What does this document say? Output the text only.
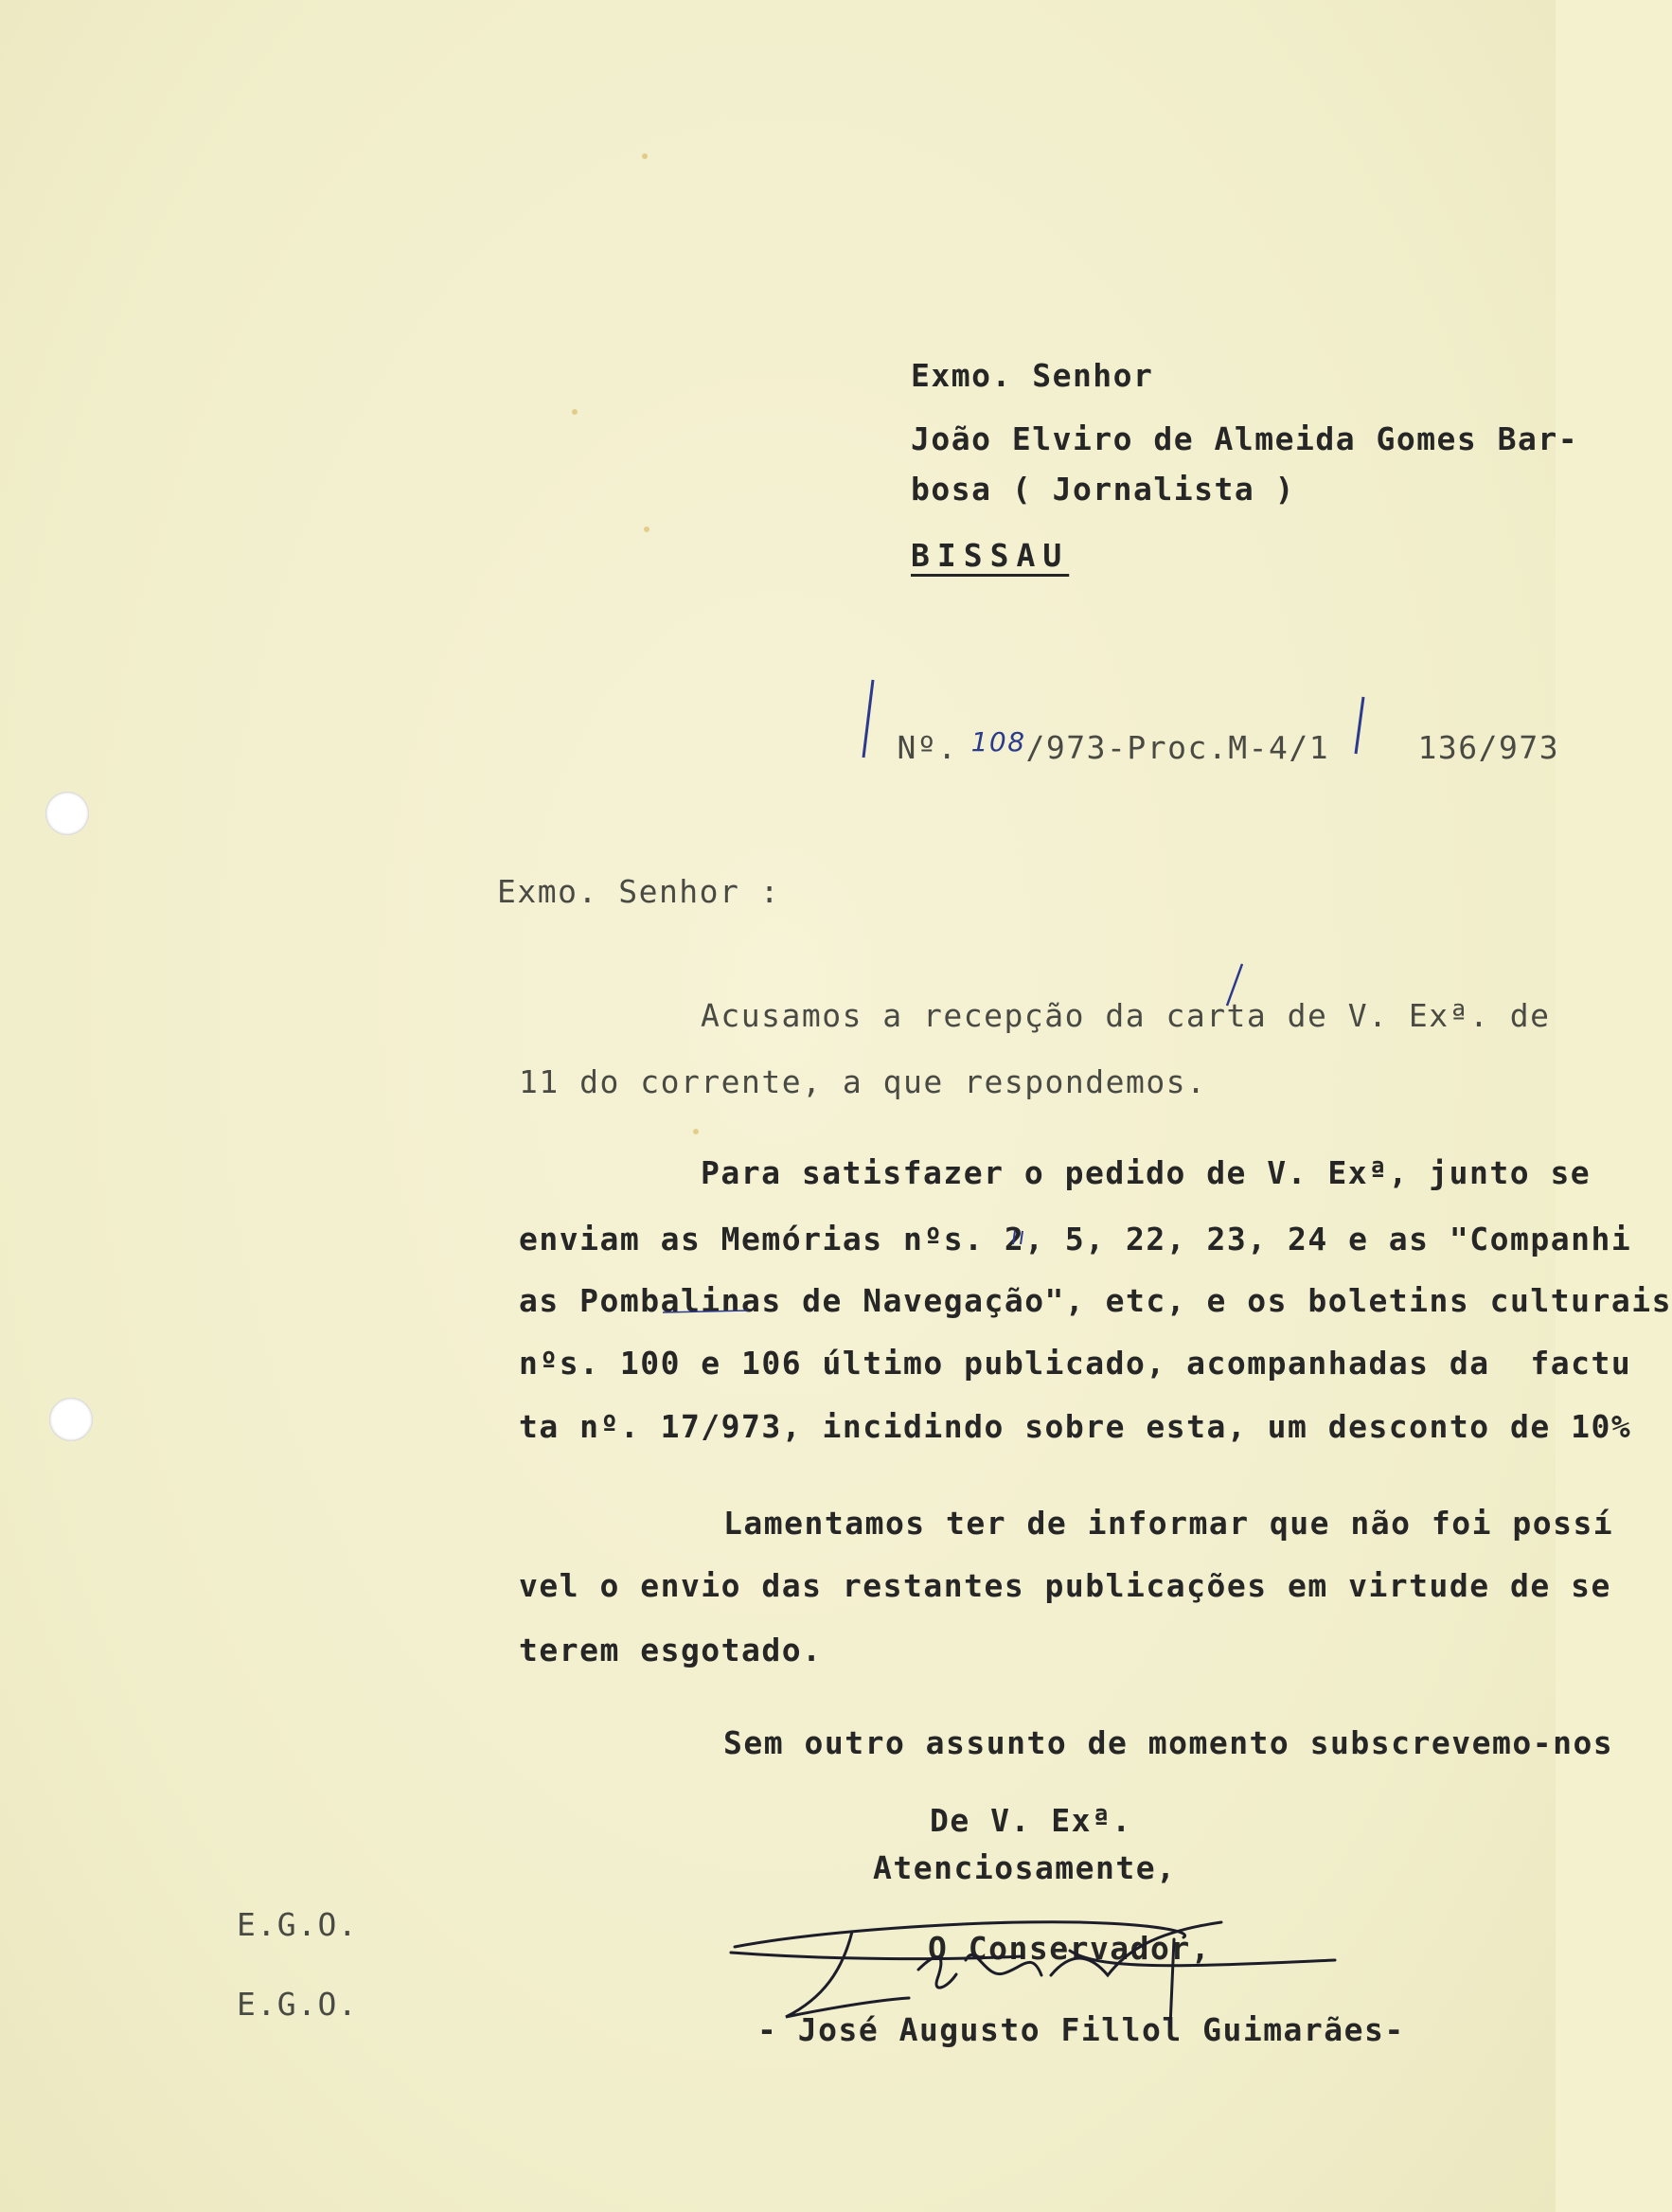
Exmo. Senhor
João Elviro de Almeida Gomes Bar-
bosa ( Jornalista )
BISSAU

Nº. $^{108}$/973-Proc.M-4/1
	136/973

Exmo. Senhor :
Acusamos a recepção da carta de V. Exª. de
11 do corrente, a que respondemos.
Para satisfazer o pedido de V. Exª, junto se
enviam as Memórias nºs. 2, 5, 22, 23, 24 e as "Companhi
as Pombalinas de Navegação", etc, e os boletins culturais
nºs. 100 e 106 último publicado, acompanhadas da  factu
ta nº. 17/973, incidindo sobre esta, um desconto de 10%
Lamentamos ter de informar que não foi possí
vel o envio das restantes publicações em virtude de se
terem esgotado.
Sem outro assunto de momento subscrevemo-nos
De V. Exª.
Atenciosamente,
O Conservador,
- José Augusto Fillol Guimarães-
E.G.O.
E.G.O.
